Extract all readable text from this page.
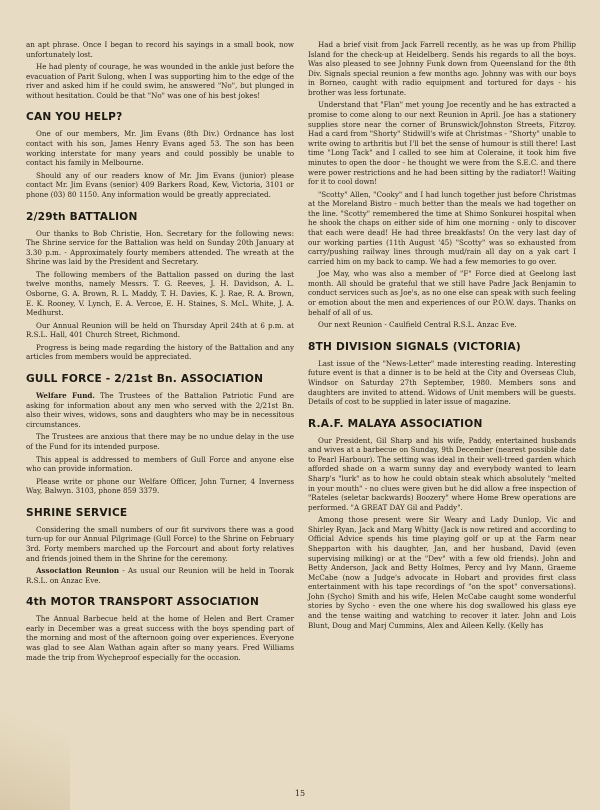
an apt phrase. Once I began to record his sayings in a small book, now unfortunately lost.

He had plenty of courage, he was wounded in the ankle just before the evacuation of Parit Sulong, when I was supporting him to the edge of the river and asked him if he could swim, he answered "No", but plunged in without hesitation. Could be that "No" was one of his best jokes!

CAN YOU HELP?

One of our members, Mr. Jim Evans (8th Div.) Ordnance has lost contact with his son, James Henry Evans aged 53. The son has been working interstate for many years and could possibly be unable to contact his family in Melbourne.

Should any of our readers know of Mr. Jim Evans (junior) please contact Mr. Jim Evans (senior) 409 Barkers Road, Kew, Victoria, 3101 or phone (03) 80 1150. Any information would be greatly appreciated.

2/29th BATTALION

Our thanks to Bob Christie, Hon. Secretary for the following news: The Shrine service for the Battalion was held on Sunday 20th January at 3.30 p.m. - Approximately fourty members attended. The wreath at the Shrine was laid by the President and Secretary.

The following members of the Battalion passed on during the last twelve months, namely Messrs. T. G. Reeves, J. H. Davidson, A. L. Osborne, G. A. Brown, R. L. Maddy, T. H. Davies, K. J. Rae, R. A. Brown, E. K. Rooney, V. Lynch, E. A. Vercoe, E. H. Staines, S. McL. White, J. A. Medhurst.

Our Annual Reunion will be held on Thursday April 24th at 6 p.m. at R.S.L. Hall, 401 Church Street, Richmond.

Progress is being made regarding the history of the Battalion and any articles from members would be appreciated.

GULL FORCE - 2/21st Bn. ASSOCIATION

Welfare Fund. The Trustees of the Battalion Patriotic Fund are asking for information about any men who served with the 2/21st Bn. also their wives, widows, sons and daughters who may be in necessitous circumstances.

The Trustees are anxious that there may be no undue delay in the use of the Fund for its intended purpose.

This appeal is addressed to members of Gull Force and anyone else who can provide information.

Please write or phone our Welfare Officer, John Turner, 4 Inverness Way, Balwyn. 3103, phone 859 3379.

SHRINE SERVICE

Considering the small numbers of our fit survivors there was a good turn-up for our Annual Pilgrimage (Gull Force) to the Shrine on February 3rd. Forty members marched up the Forcourt and about forty relatives and friends joined them in the Shrine for the ceremony.

Association Reunion - As usual our Reunion will be held in Toorak R.S.L. on Anzac Eve.

4th MOTOR TRANSPORT ASSOCIATION

The Annual Barbecue held at the home of Helen and Bert Cramer early in December was a great success with the boys spending part of the morning and most of the afternoon going over experiences. Everyone was glad to see Alan Wathan again after so many years. Fred Williams made the trip from Wycheproof especially for the occasion.

Had a brief visit from Jack Farrell recently, as he was up from Phillip Island for the check-up at Heidelberg. Sends his regards to all the boys. Was also pleased to see Johnny Funk down from Queensland for the 8th Div. Signals special reunion a few months ago. Johnny was with our boys in Borneo, caught with radio equipment and tortured for days - his brother was less fortunate.

Understand that "Flan" met young Joe recently and he has extracted a promise to come along to our next Reunion in April. Joe has a stationery supplies store near the corner of Brunswick/Johnston Streets, Fitzroy. Had a card from "Shorty" Stidwill's wife at Christmas - "Shorty" unable to write owing to arthritis but I'll bet the sense of humour is still there! Last time "Long Tack" and I called to see him at Coleraine, it took him five minutes to open the door - he thought we were from the S.E.C. and there were power restrictions and he had been sitting by the radiator!! Waiting for it to cool down!

"Scotty" Allen, "Cooky" and I had lunch together just before Christmas at the Moreland Bistro - much better than the meals we had together on the line. "Scotty" remembered the time at Shimo Sonkurei hospital when he shook the chaps on either side of him one morning - only to discover that each were dead! He had three breakfasts! On the very last day of our working parties (11th August '45) "Scotty" was so exhausted from carry/pushing railway lines through mud/rain all day on a yak cart I carried him on my back to camp. We had a few memories to go over.

Joe May, who was also a member of "F" Force died at Geelong last month. All should be grateful that we still have Padre Jack Benjamin to conduct services such as Joe's, as no one else can speak with such feeling or emotion about the men and experiences of our P.O.W. days. Thanks on behalf of all of us.

Our next Reunion - Caulfield Central R.S.L. Anzac Eve.

8TH DIVISION SIGNALS (VICTORIA)

Last issue of the "News-Letter" made interesting reading. Interesting future event is that a dinner is to be held at the City and Overseas Club, Windsor on Saturday 27th September, 1980. Members sons and daughters are invited to attend. Widows of Unit members will be guests. Details of cost to be supplied in later issue of magazine.

R.A.F. MALAYA ASSOCIATION

Our President, Gil Sharp and his wife, Paddy, entertained husbands and wives at a barbecue on Sunday, 9th December (nearest possible date to Pearl Harbour). The setting was ideal in their well-treed garden which afforded shade on a warm sunny day and everybody wanted to learn Sharp's "lurk" as to how he could obtain steak which absolutely "melted in your mouth" - no clues were given but he did allow a free inspection of "Rateles (seletar backwards) Boozery" where Home Brew operations are performed. "A GREAT DAY Gil and Paddy".

Among those present were Sir Weary and Lady Dunlop, Vic and Shirley Ryan, Jack and Marg Whitty (Jack is now retired and according to Official Advice spends his time playing golf or up at the Farm near Shepparton with his daughter, Jan, and her husband, David (even supervising milking) or at the "Dev" with a few old friends). John and Betty Anderson, Jack and Betty Holmes, Percy and Ivy Mann, Graeme McCabe (now a Judge's advocate in Hobart and provides first class entertainment with his tape recordings of "on the spot" conversations). John (Sycho) Smith and his wife, Helen McCabe caught some wonderful stories by Sycho - even the one where his dog swallowed his glass eye and the tense waiting and watching to recover it later. John and Lois Blunt, Doug and Marj Cummins, Alex and Aileen Kelly. (Kelly has

15
